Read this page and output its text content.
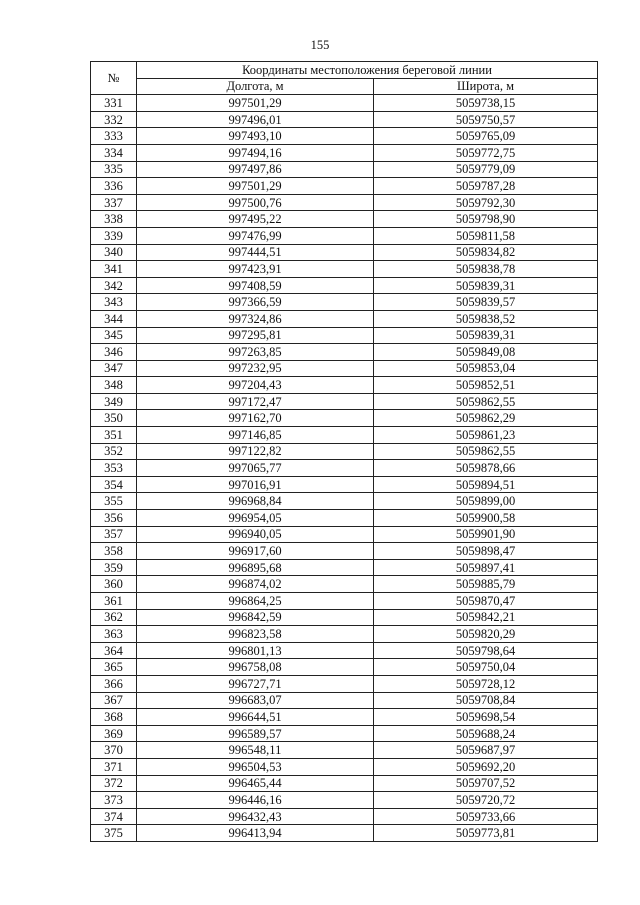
155
№	Координаты местоположения береговой линии	
	Долгота, м	Широта, м
331	997501,29	5059738,15
332	997496,01	5059750,57
333	997493,10	5059765,09
334	997494,16	5059772,75
335	997497,86	5059779,09
336	997501,29	5059787,28
337	997500,76	5059792,30
338	997495,22	5059798,90
339	997476,99	5059811,58
340	997444,51	5059834,82
341	997423,91	5059838,78
342	997408,59	5059839,31
343	997366,59	5059839,57
344	997324,86	5059838,52
345	997295,81	5059839,31
346	997263,85	5059849,08
347	997232,95	5059853,04
348	997204,43	5059852,51
349	997172,47	5059862,55
350	997162,70	5059862,29
351	997146,85	5059861,23
352	997122,82	5059862,55
353	997065,77	5059878,66
354	997016,91	5059894,51
355	996968,84	5059899,00
356	996954,05	5059900,58
357	996940,05	5059901,90
358	996917,60	5059898,47
359	996895,68	5059897,41
360	996874,02	5059885,79
361	996864,25	5059870,47
362	996842,59	5059842,21
363	996823,58	5059820,29
364	996801,13	5059798,64
365	996758,08	5059750,04
366	996727,71	5059728,12
367	996683,07	5059708,84
368	996644,51	5059698,54
369	996589,57	5059688,24
370	996548,11	5059687,97
371	996504,53	5059692,20
372	996465,44	5059707,52
373	996446,16	5059720,72
374	996432,43	5059733,66
375	996413,94	5059773,81
